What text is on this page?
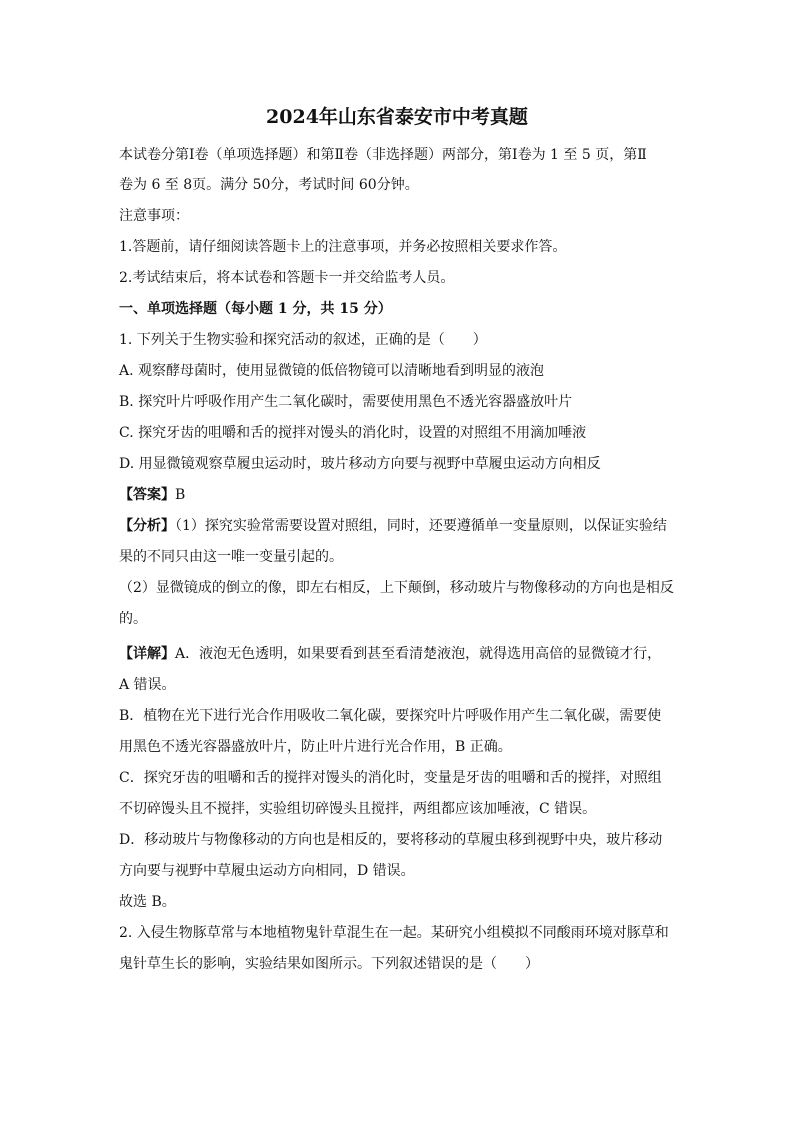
2024年山东省泰安市中考真题
本试卷分第Ⅰ卷（单项选择题）和第Ⅱ卷（非选择题）两部分，第Ⅰ卷为 1 至 5 页，第Ⅱ
卷为 6 至 8页。满分 50分，考试时间 60分钟。
注意事项：
1.答题前，请仔细阅读答题卡上的注意事项，并务必按照相关要求作答。
2.考试结束后，将本试卷和答题卡一并交给监考人员。
一、单项选择题（每小题 1 分，共 15 分）
1. 下列关于生物实验和探究活动的叙述，正确的是（　　）
A. 观察酵母菌时，使用显微镜的低倍物镜可以清晰地看到明显的液泡
B. 探究叶片呼吸作用产生二氧化碳时，需要使用黑色不透光容器盛放叶片
C. 探究牙齿的咀嚼和舌的搅拌对馒头的消化时，设置的对照组不用滴加唾液
D. 用显微镜观察草履虫运动时，玻片移动方向要与视野中草履虫运动方向相反
【答案】B
【分析】（1）探究实验常需要设置对照组，同时，还要遵循单一变量原则，以保证实验结
果的不同只由这一唯一变量引起的。
（2）显微镜成的倒立的像，即左右相反，上下颠倒，移动玻片与物像移动的方向也是相反
的。
【详解】A．液泡无色透明，如果要看到甚至看清楚液泡，就得选用高倍的显微镜才行，
A 错误。
B．植物在光下进行光合作用吸收二氧化碳，要探究叶片呼吸作用产生二氧化碳，需要使
用黑色不透光容器盛放叶片，防止叶片进行光合作用，B 正确。
C．探究牙齿的咀嚼和舌的搅拌对馒头的消化时，变量是牙齿的咀嚼和舌的搅拌，对照组
不切碎馒头且不搅拌，实验组切碎馒头且搅拌，两组都应该加唾液，C 错误。
D．移动玻片与物像移动的方向也是相反的，要将移动的草履虫移到视野中央，玻片移动
方向要与视野中草履虫运动方向相同，D 错误。
故选 B。
2. 入侵生物豚草常与本地植物鬼针草混生在一起。某研究小组模拟不同酸雨环境对豚草和
鬼针草生长的影响，实验结果如图所示。下列叙述错误的是（　　）
